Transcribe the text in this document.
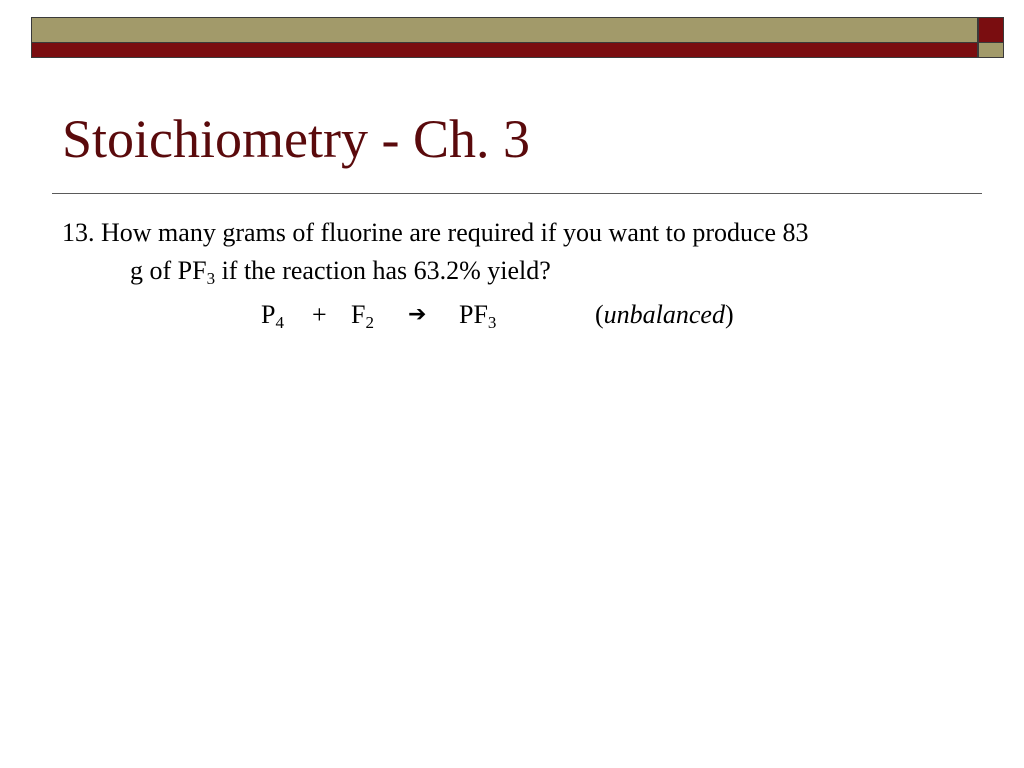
Stoichiometry - Ch. 3
13. How many grams of fluorine are required if you want to produce 83
g of $PF_3$ if the reaction has 63.2% yield?
$P_4 + F_2$ ➔ $PF_3$	(unbalanced)
